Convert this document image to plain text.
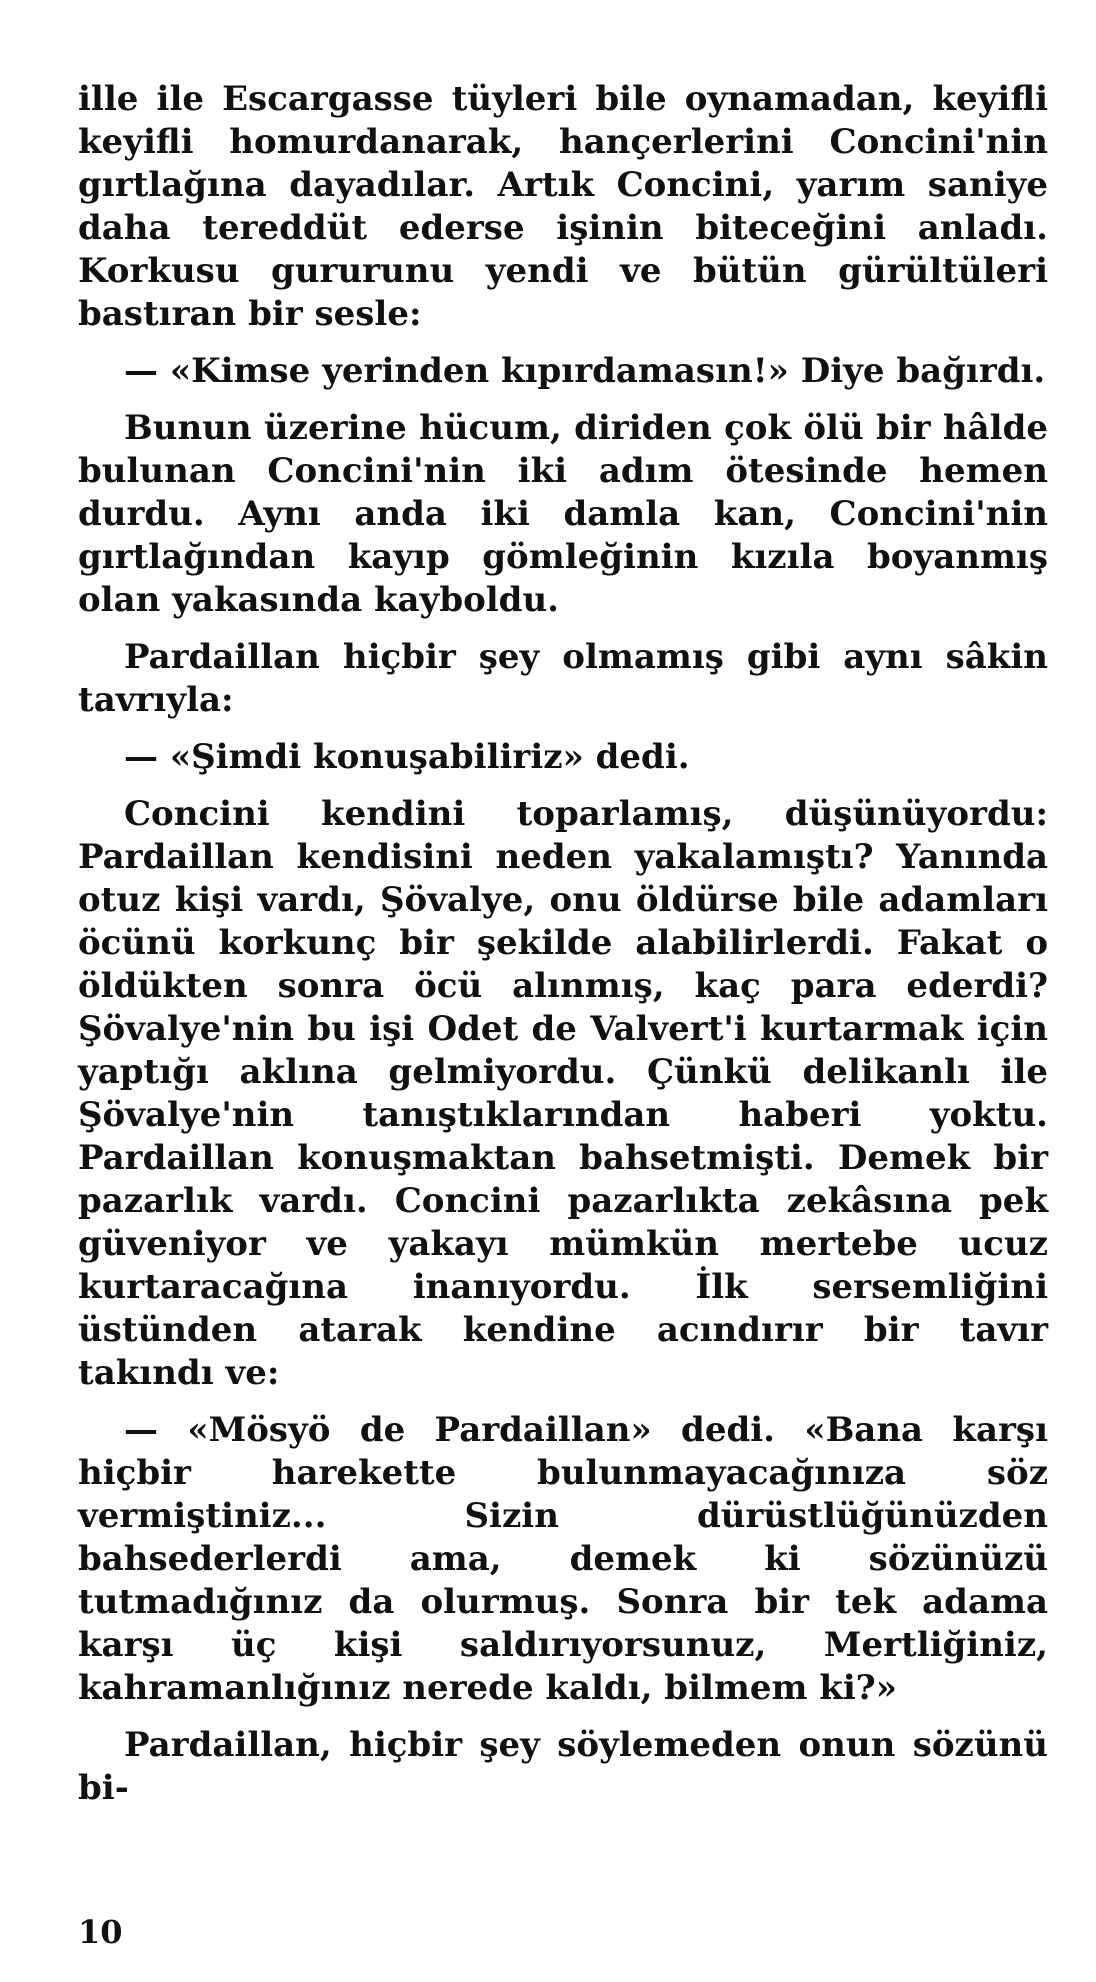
ille ile Escargasse tüyleri bile oynamadan, keyifli keyifli homurdanarak, hançerlerini Concini'nin gırtlağına dayadılar. Artık Concini, yarım saniye daha tereddüt ederse işinin biteceğini anladı. Korkusu gururunu yendi ve bütün gürültüleri bastıran bir sesle:

— «Kimse yerinden kıpırdamasın!» Diye bağırdı.

Bunun üzerine hücum, diriden çok ölü bir hâlde bulunan Concini'nin iki adım ötesinde hemen durdu. Aynı anda iki damla kan, Concini'nin gırtlağından kayıp gömleğinin kızıla boyanmış olan yakasında kayboldu.

Pardaillan hiçbir şey olmamış gibi aynı sâkin tavrıyla:

— «Şimdi konuşabiliriz» dedi.

Concini kendini toparlamış, düşünüyordu: Pardaillan kendisini neden yakalamıştı? Yanında otuz kişi vardı, Şövalye, onu öldürse bile adamları öcünü korkunç bir şekilde alabilirlerdi. Fakat o öldükten sonra öcü alınmış, kaç para ederdi? Şövalye'nin bu işi Odet de Valvert'i kurtarmak için yaptığı aklına gelmiyordu. Çünkü delikanlı ile Şövalye'nin tanıştıklarından haberi yoktu. Pardaillan konuşmaktan bahsetmişti. Demek bir pazarlık vardı. Concini pazarlıkta zekâsına pek güveniyor ve yakayı mümkün mertebe ucuz kurtaracağına inanıyordu. İlk sersemliğini üstünden atarak kendine acındırır bir tavır takındı ve:

— «Mösyö de Pardaillan» dedi. «Bana karşı hiçbir harekette bulunmayacağınıza söz vermiştiniz... Sizin dürüstlüğünüzden bahsederlerdi ama, demek ki sözünüzü tutmadığınız da olurmuş. Sonra bir tek adama karşı üç kişi saldırıyorsunuz, Mertliğiniz, kahramanlığınız nerede kaldı, bilmem ki?»

Pardaillan, hiçbir şey söylemeden onun sözünü bi-

10
